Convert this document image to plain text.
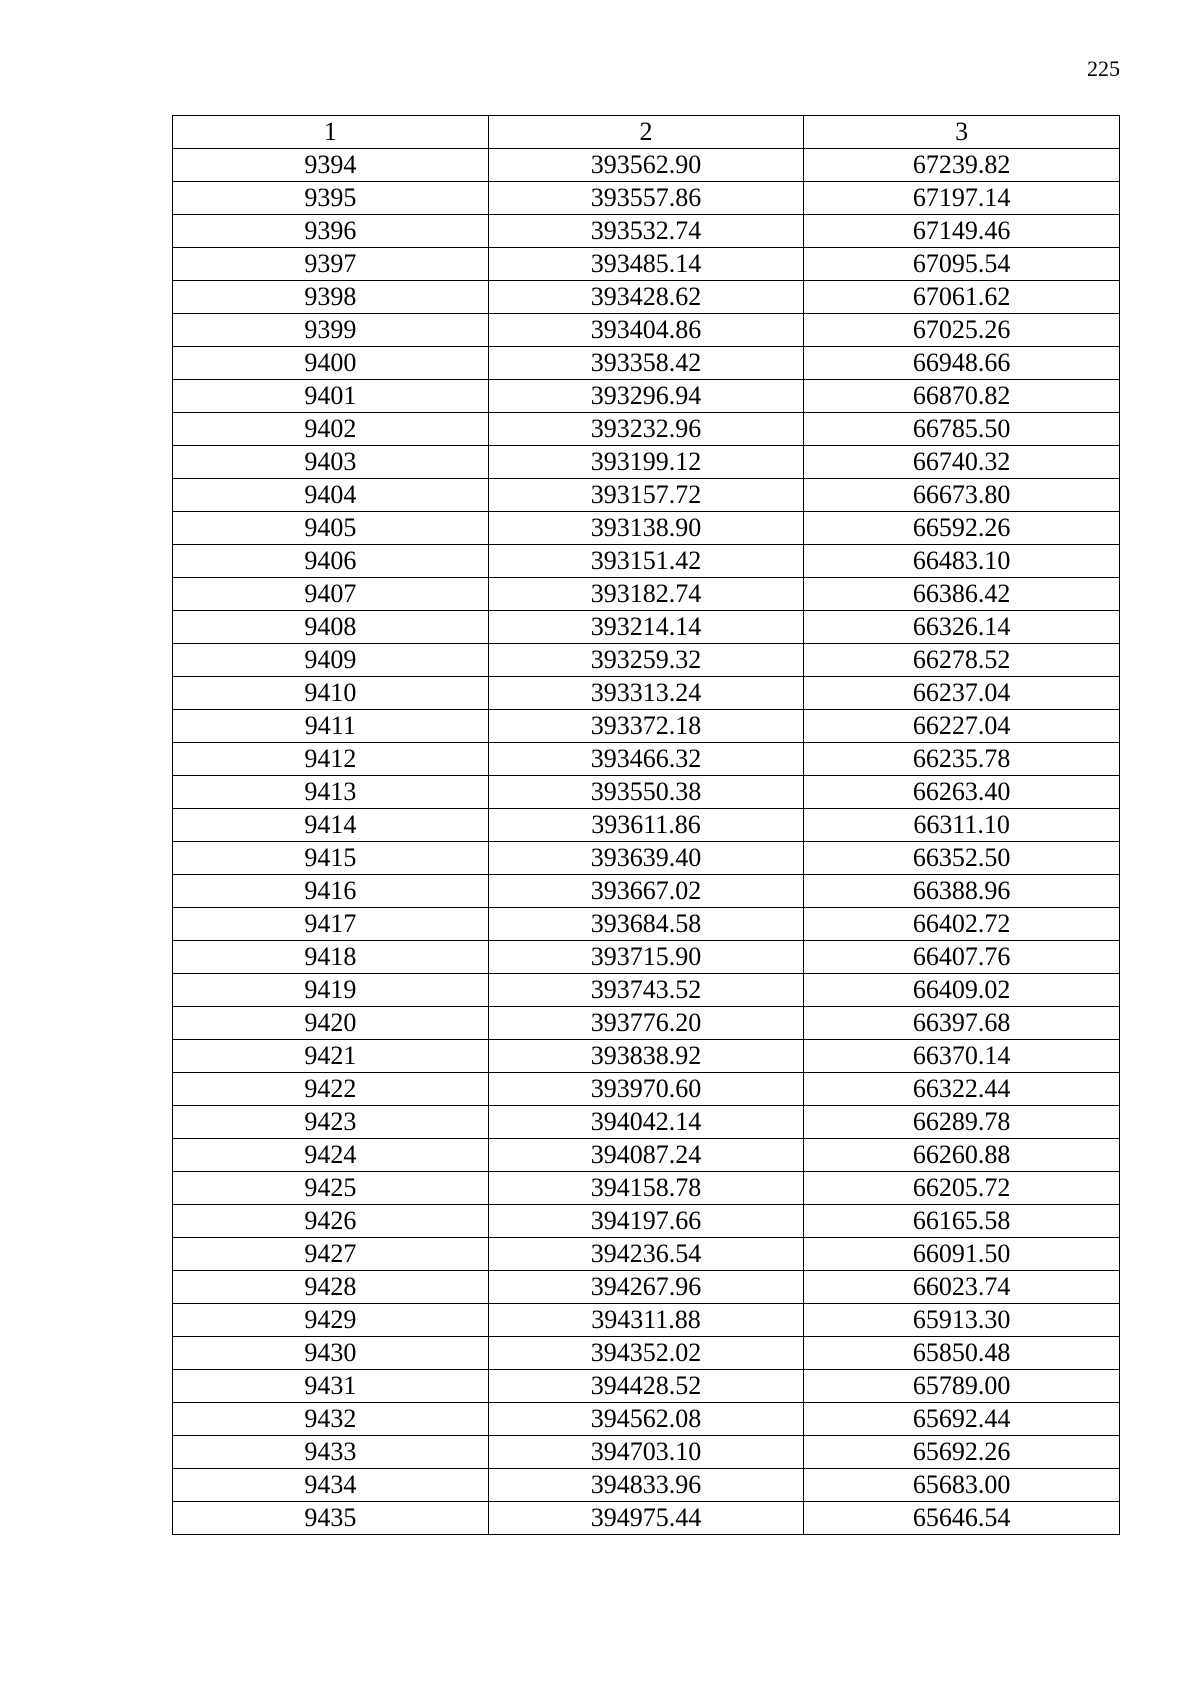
225
1	2	3
9394	393562.90	67239.82
9395	393557.86	67197.14
9396	393532.74	67149.46
9397	393485.14	67095.54
9398	393428.62	67061.62
9399	393404.86	67025.26
9400	393358.42	66948.66
9401	393296.94	66870.82
9402	393232.96	66785.50
9403	393199.12	66740.32
9404	393157.72	66673.80
9405	393138.90	66592.26
9406	393151.42	66483.10
9407	393182.74	66386.42
9408	393214.14	66326.14
9409	393259.32	66278.52
9410	393313.24	66237.04
9411	393372.18	66227.04
9412	393466.32	66235.78
9413	393550.38	66263.40
9414	393611.86	66311.10
9415	393639.40	66352.50
9416	393667.02	66388.96
9417	393684.58	66402.72
9418	393715.90	66407.76
9419	393743.52	66409.02
9420	393776.20	66397.68
9421	393838.92	66370.14
9422	393970.60	66322.44
9423	394042.14	66289.78
9424	394087.24	66260.88
9425	394158.78	66205.72
9426	394197.66	66165.58
9427	394236.54	66091.50
9428	394267.96	66023.74
9429	394311.88	65913.30
9430	394352.02	65850.48
9431	394428.52	65789.00
9432	394562.08	65692.44
9433	394703.10	65692.26
9434	394833.96	65683.00
9435	394975.44	65646.54
